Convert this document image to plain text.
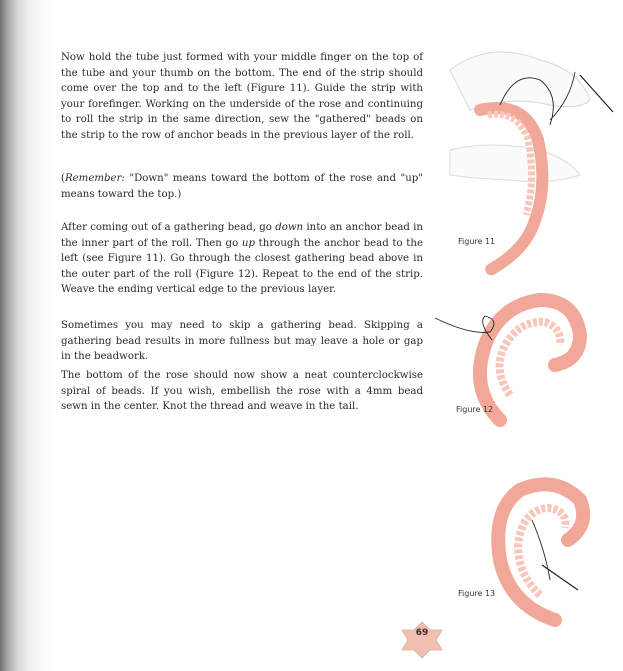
Now hold the tube just formed with your middle finger on the top of the tube and your thumb on the bottom. The end of the strip should come over the top and to the left (Figure 11). Guide the strip with your forefinger. Working on the underside of the rose and continuing to roll the strip in the same direction, sew the "gathered" beads on the strip to the row of anchor beads in the previous layer of the roll.

(Remember: "Down" means toward the bottom of the rose and "up" means toward the top.)

After coming out of a gathering bead, go down into an anchor bead in the inner part of the roll. Then go up through the anchor bead to the left (see Figure 11). Go through the closest gathering bead above in the outer part of the roll (Figure 12). Repeat to the end of the strip. Weave the ending vertical edge to the previous layer.

Sometimes you may need to skip a gathering bead. Skipping a gathering bead results in more fullness but may leave a hole or gap in the beadwork.

The bottom of the rose should now show a neat counterclockwise spiral of beads. If you wish, embellish the rose with a 4mm bead sewn in the center. Knot the thread and weave in the tail.

Figure 11
Figure 12
Figure 13
69
